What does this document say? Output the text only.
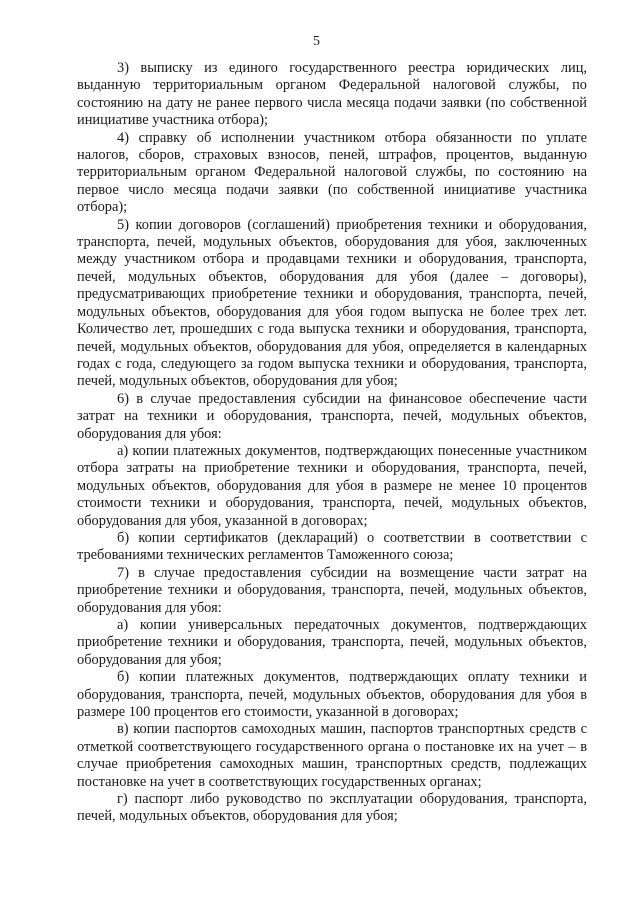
5

3) выписку из единого государственного реестра юридических лиц, выданную территориальным органом Федеральной налоговой службы, по состоянию на дату не ранее первого числа месяца подачи заявки (по собственной инициативе участника отбора);

4) справку об исполнении участником отбора обязанности по уплате налогов, сборов, страховых взносов, пеней, штрафов, процентов, выданную территориальным органом Федеральной налоговой службы, по состоянию на первое число месяца подачи заявки (по собственной инициативе участника отбора);

5) копии договоров (соглашений) приобретения техники и оборудования, транспорта, печей, модульных объектов, оборудования для убоя, заключенных между участником отбора и продавцами техники и оборудования, транспорта, печей, модульных объектов, оборудования для убоя (далее – договоры), предусматривающих приобретение техники и оборудования, транспорта, печей, модульных объектов, оборудования для убоя годом выпуска не более трех лет. Количество лет, прошедших с года выпуска техники и оборудования, транспорта, печей, модульных объектов, оборудования для убоя, определяется в календарных годах с года, следующего за годом выпуска техники и оборудования, транспорта, печей, модульных объектов, оборудования для убоя;

6) в случае предоставления субсидии на финансовое обеспечение части затрат на техники и оборудования, транспорта, печей, модульных объектов, оборудования для убоя:

а) копии платежных документов, подтверждающих понесенные участником отбора затраты на приобретение техники и оборудования, транспорта, печей, модульных объектов, оборудования для убоя в размере не менее 10 процентов стоимости техники и оборудования, транспорта, печей, модульных объектов, оборудования для убоя, указанной в договорах;

б) копии сертификатов (деклараций) о соответствии в соответствии с требованиями технических регламентов Таможенного союза;

7) в случае предоставления субсидии на возмещение части затрат на приобретение техники и оборудования, транспорта, печей, модульных объектов, оборудования для убоя:

а) копии универсальных передаточных документов, подтверждающих приобретение техники и оборудования, транспорта, печей, модульных объектов, оборудования для убоя;

б) копии платежных документов, подтверждающих оплату техники и оборудования, транспорта, печей, модульных объектов, оборудования для убоя в размере 100 процентов его стоимости, указанной в договорах;

в) копии паспортов самоходных машин, паспортов транспортных средств с отметкой соответствующего государственного органа о постановке их на учет – в случае приобретения самоходных машин, транспортных средств, подлежащих постановке на учет в соответствующих государственных органах;

г) паспорт либо руководство по эксплуатации оборудования, транспорта, печей, модульных объектов, оборудования для убоя;
